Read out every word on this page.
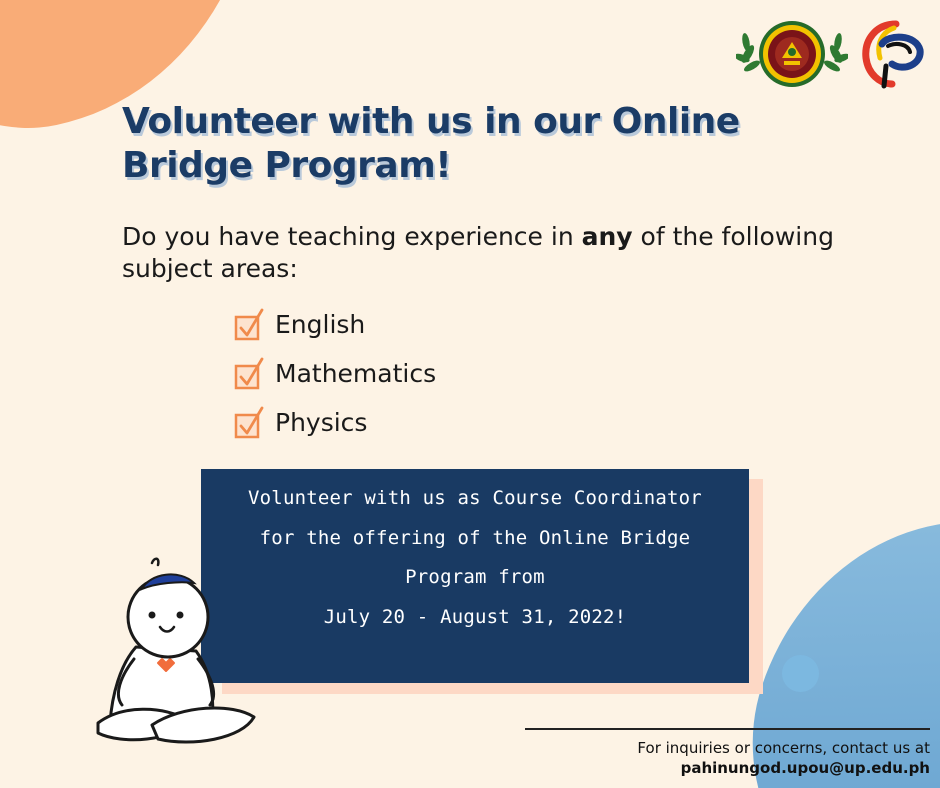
Volunteer with us in our Online Bridge Program!

Do you have teaching experience in any of the following subject areas:

English
Mathematics
Physics

Volunteer with us as Course Coordinator

for the offering of the Online Bridge

Program from

July 20 - August 31, 2022!

For inquiries or concerns, contact us at
pahinungod.upou@up.edu.ph
